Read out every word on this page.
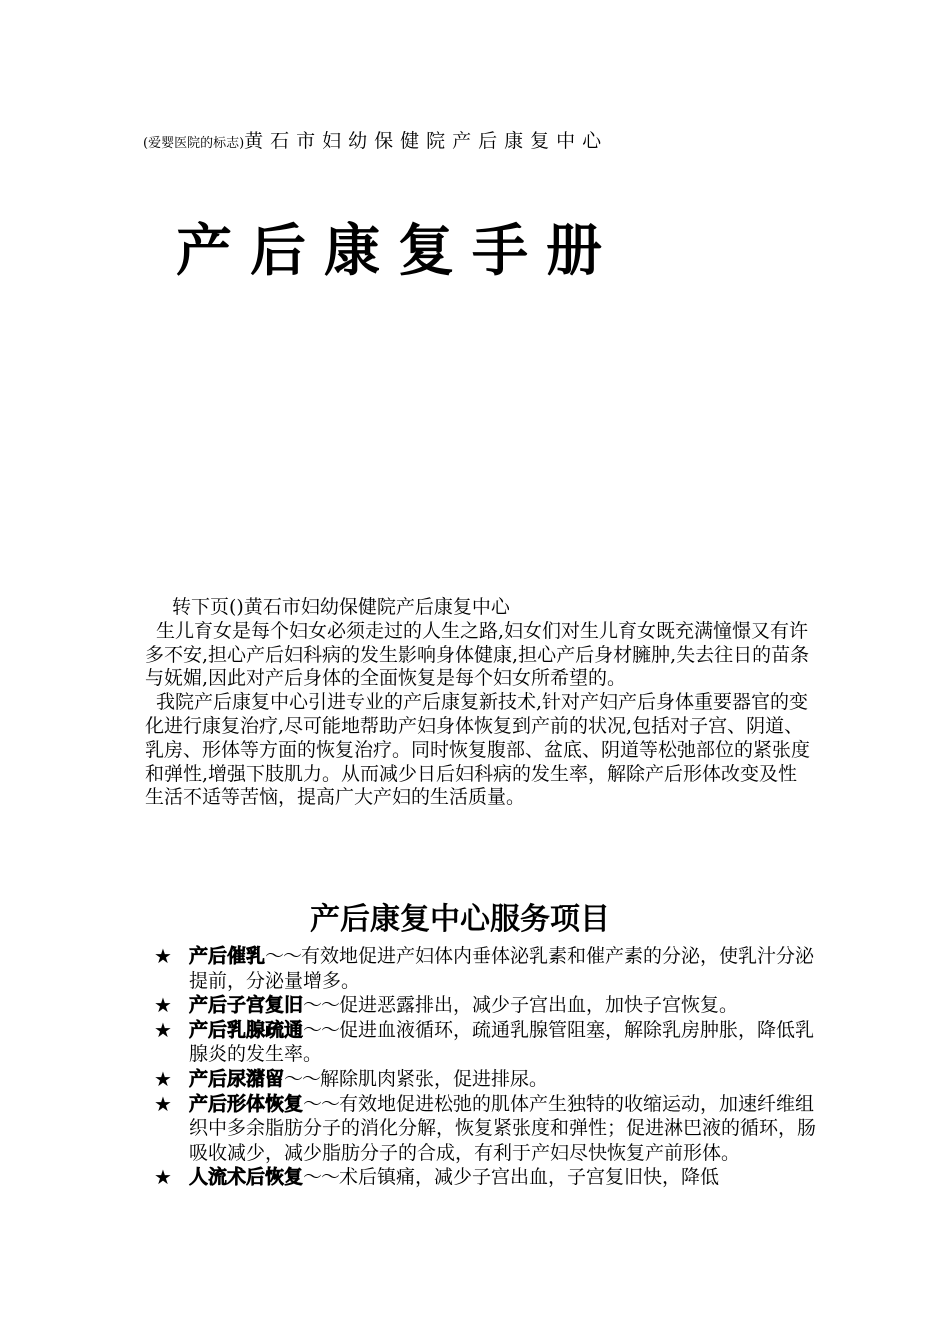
(爱婴医院的标志)黄石市妇幼保健院产后康复中心
产后康复手册

转下页()黄石市妇幼保健院产后康复中心

生儿育女是每个妇女必须走过的人生之路,妇女们对生儿育女既充满憧憬又有许多不安,担心产后妇科病的发生影响身体健康,担心产后身材臃肿,失去往日的苗条与妩媚,因此对产后身体的全面恢复是每个妇女所希望的。

我院产后康复中心引进专业的产后康复新技术,针对产妇产后身体重要器官的变化进行康复治疗,尽可能地帮助产妇身体恢复到产前的状况,包括对子宫、阴道、乳房、形体等方面的恢复治疗。同时恢复腹部、盆底、阴道等松弛部位的紧张度和弹性,增强下肢肌力。从而减少日后妇科病的发生率，解除产后形体改变及性生活不适等苦恼，提高广大产妇的生活质量。

产后康复中心服务项目
★ 产后催乳～～有效地促进产妇体内垂体泌乳素和催产素的分泌，使乳汁分泌提前，分泌量增多。
★ 产后子宫复旧～～促进恶露排出，减少子宫出血，加快子宫恢复。
★ 产后乳腺疏通～～促进血液循环，疏通乳腺管阻塞，解除乳房肿胀，降低乳腺炎的发生率。
★ 产后尿潴留～～解除肌肉紧张，促进排尿。
★ 产后形体恢复～～有效地促进松弛的肌体产生独特的收缩运动，加速纤维组织中多余脂肪分子的消化分解，恢复紧张度和弹性；促进淋巴液的循环，肠吸收减少，减少脂肪分子的合成，有利于产妇尽快恢复产前形体。
★ 人流术后恢复～～术后镇痛，减少子宫出血，子宫复旧快，降低
